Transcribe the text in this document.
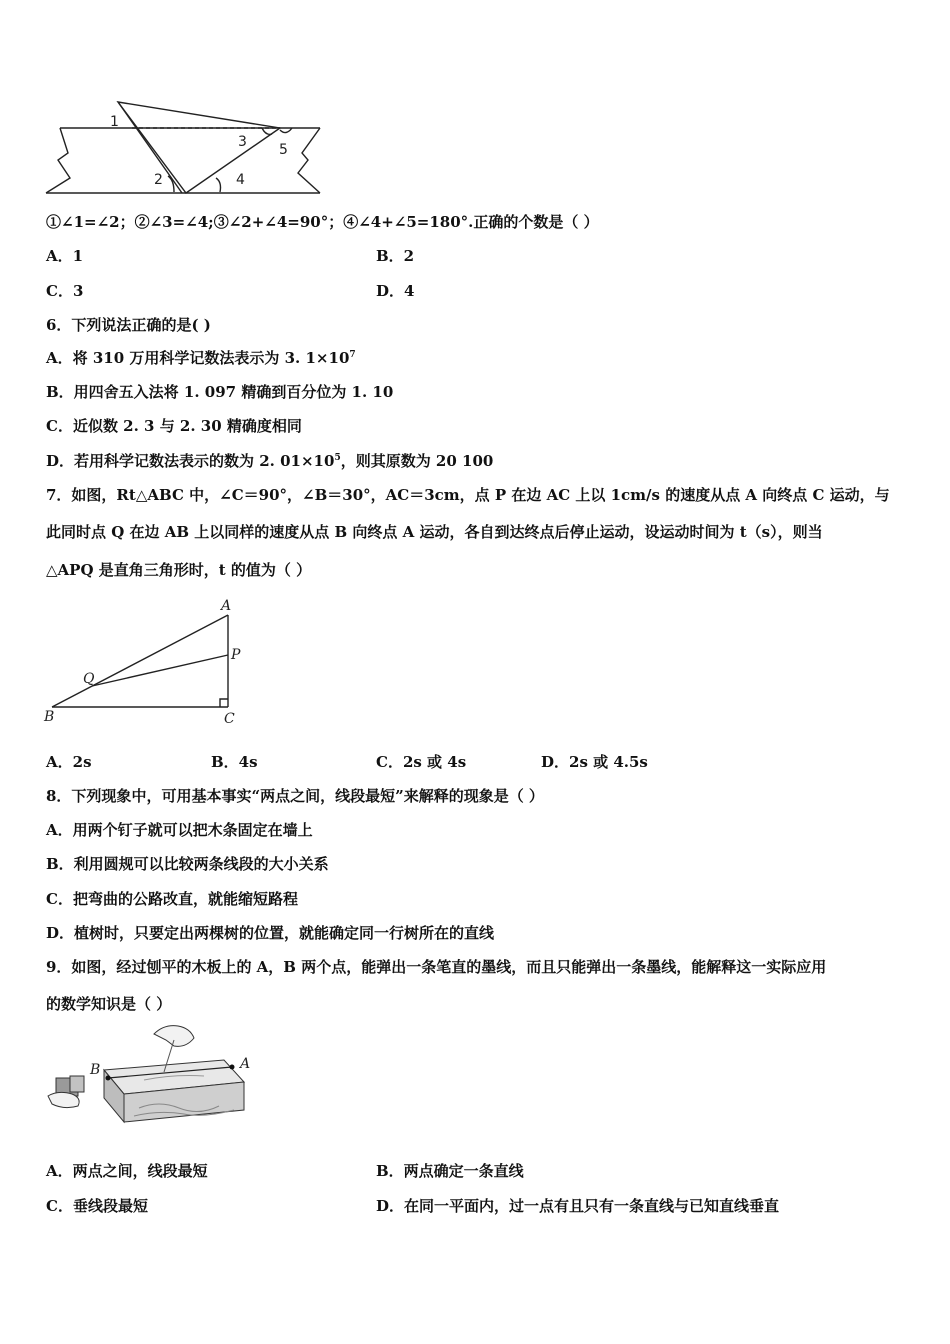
1
2
3
4
5
①∠1=∠2；②∠3=∠4;③∠2+∠4=90°；④∠4+∠5=180°.正确的个数是（ ）
A．1	B．2
C．3	D．4
6．下列说法正确的是( )
A．将 310 万用科学记数法表示为 3. $1\times 10^7$
B．用四舍五入法将 1. 097 精确到百分位为 1. 10
C．近似数 2. 3 与 2. 30 精确度相同
D．若用科学记数法表示的数为 2. $01\times 10^5$，则其原数为 20 100
7．如图，Rt△ABC 中，∠C＝90°，∠B＝30°，AC＝3cm，点 P 在边 AC 上以 1cm/s 的速度从点 A 向终点 C 运动，与
此同时点 Q 在边 AB 上以同样的速度从点 B 向终点 A 运动，各自到达终点后停止运动，设运动时间为 t（s），则当
△APQ 是直角三角形时，t 的值为（ ）
A
P
Q
B	C
A．2s	B．4s	C．2s 或 4s	D．2s 或 4.5s
8．下列现象中，可用基本事实“两点之间，线段最短”来解释的现象是（ ）
A．用两个钉子就可以把木条固定在墙上
B．利用圆规可以比较两条线段的大小关系
C．把弯曲的公路改直，就能缩短路程
D．植树时，只要定出两棵树的位置，就能确定同一行树所在的直线
9．如图，经过刨平的木板上的 A，B 两个点，能弹出一条笔直的墨线，而且只能弹出一条墨线，能解释这一实际应用
的数学知识是（ ）
B	A
A．两点之间，线段最短	B．两点确定一条直线
C．垂线段最短	D．在同一平面内，过一点有且只有一条直线与已知直线垂直
